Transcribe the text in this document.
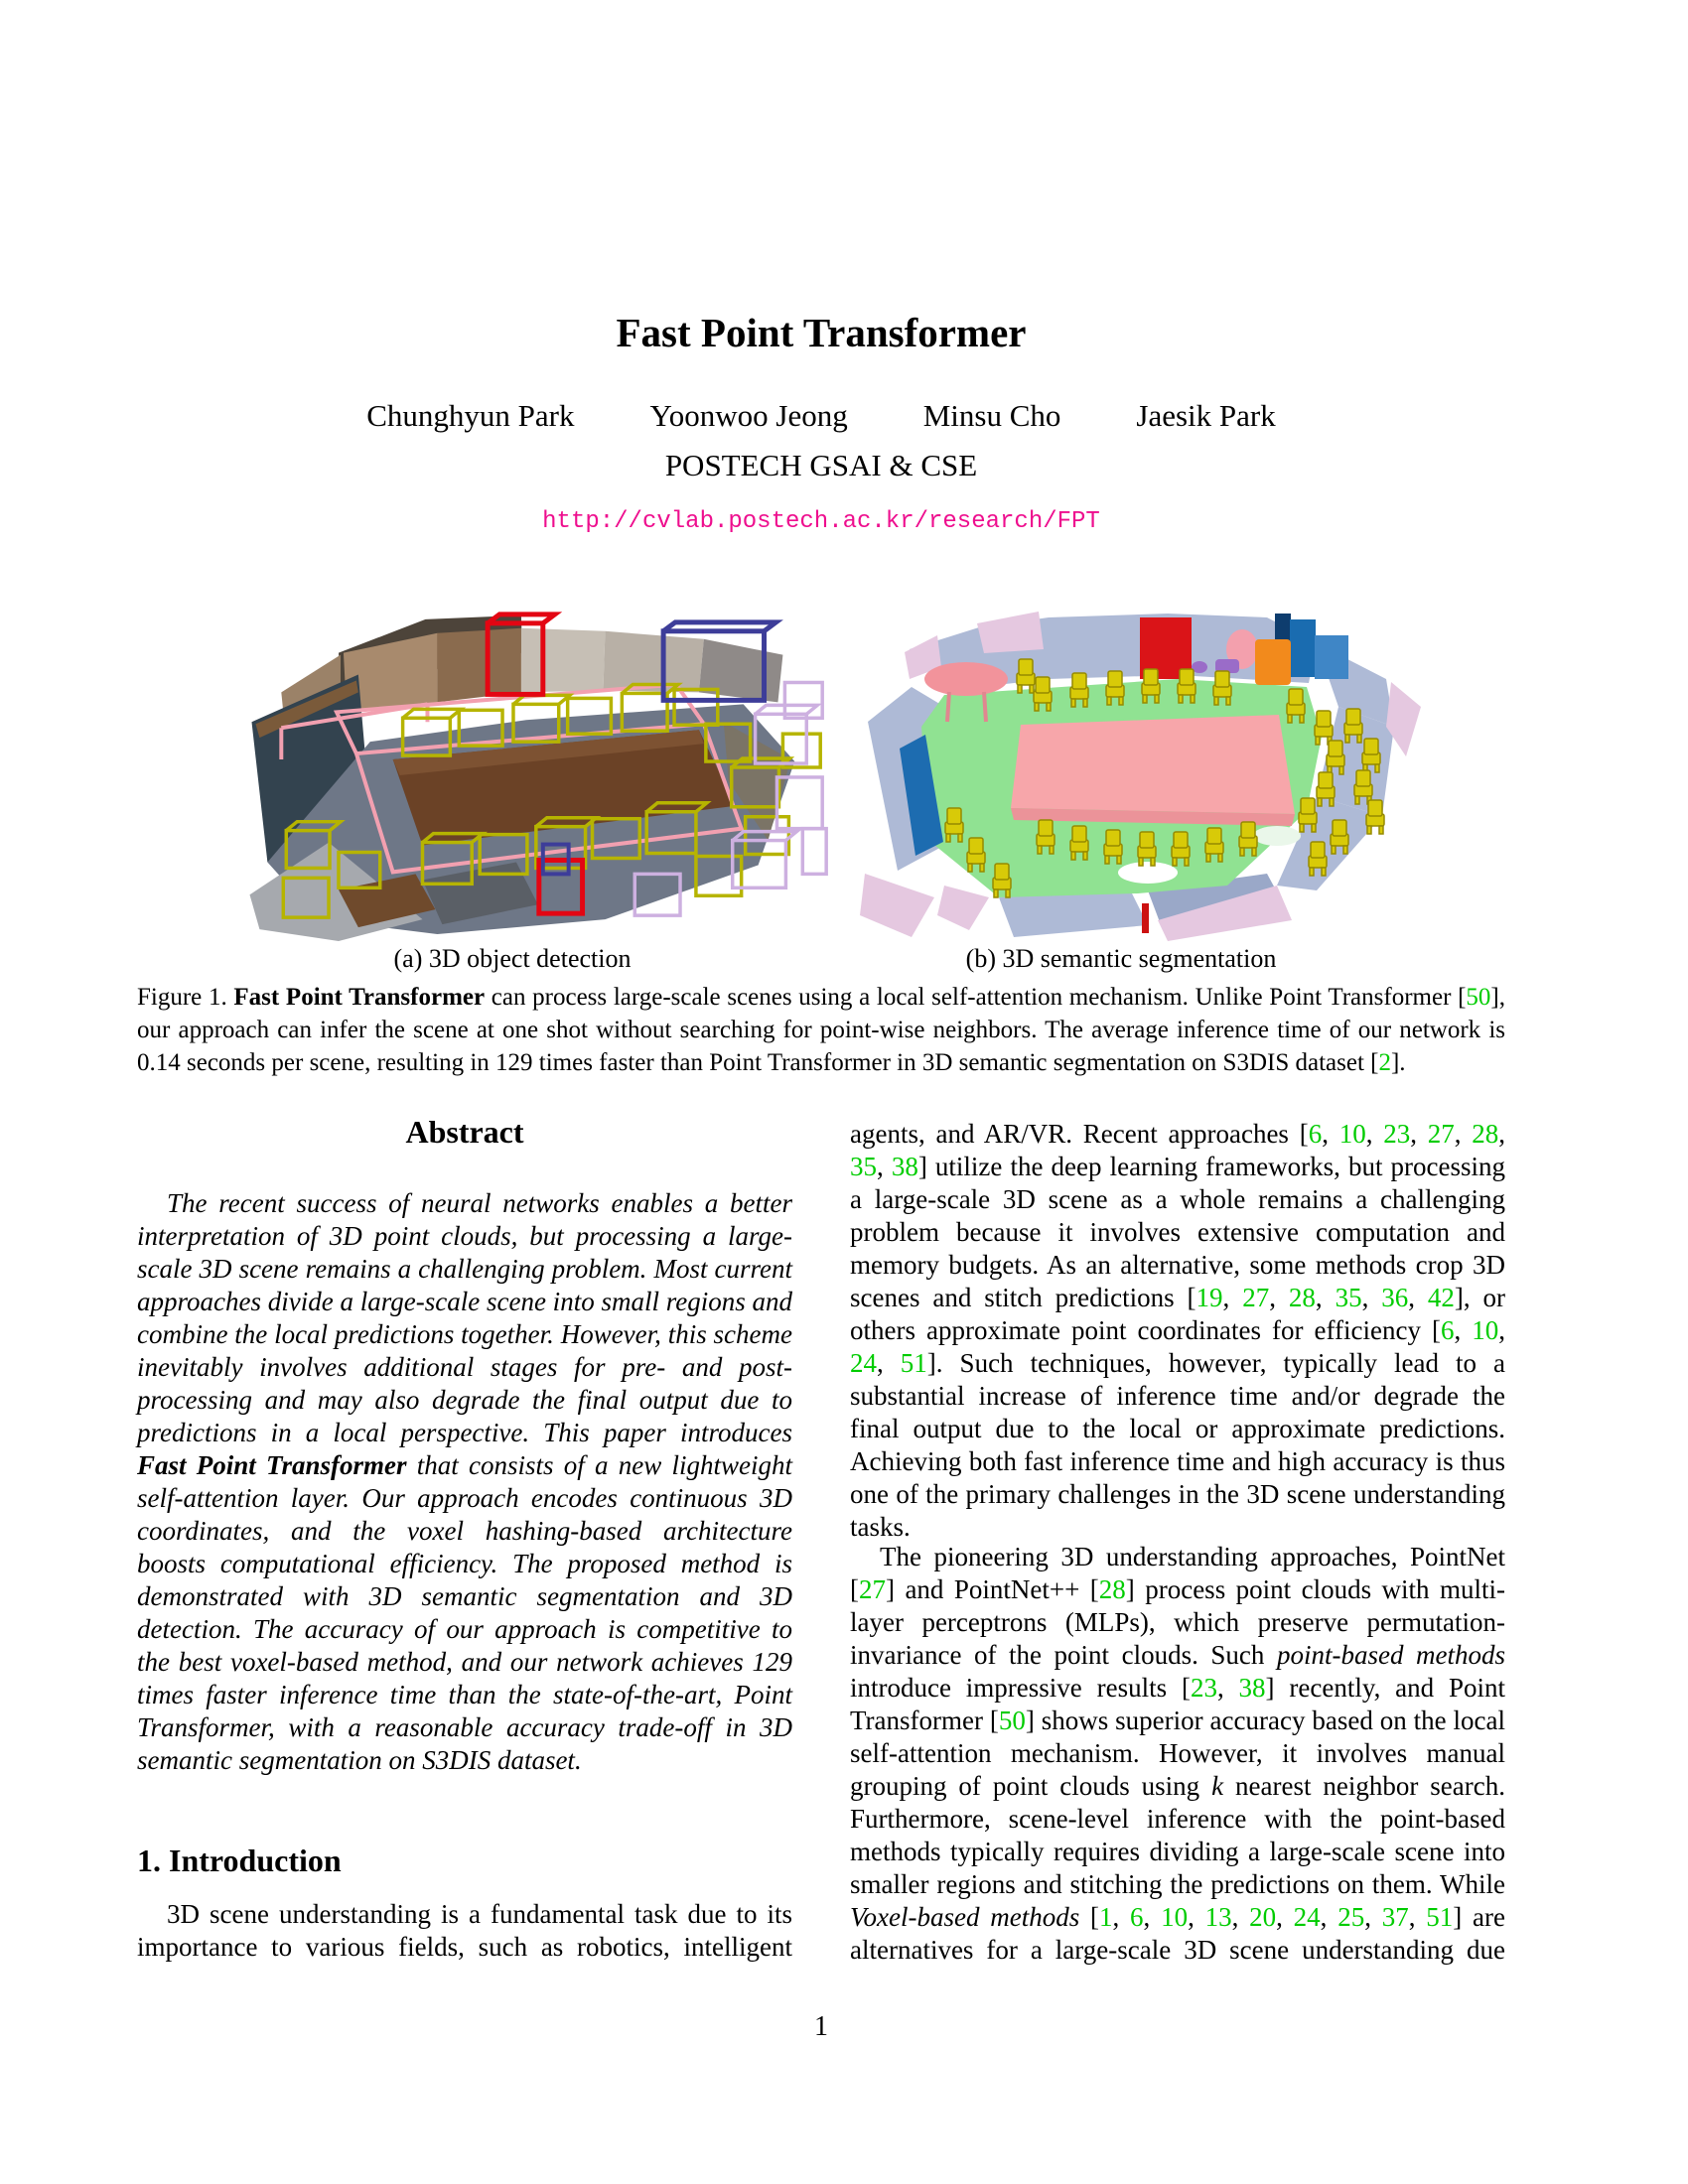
Fast Point Transformer
Chunghyun Park Yoonwoo Jeong Minsu Cho Jaesik Park
POSTECH GSAI & CSE
http://cvlab.postech.ac.kr/research/FPT
(a) 3D object detection	(b) 3D semantic segmentation
Figure 1. Fast Point Transformer can process large-scale scenes using a local self-attention mechanism. Unlike Point Transformer [50], our approach can infer the scene at one shot without searching for point-wise neighbors. The average inference time of our network is 0.14 seconds per scene, resulting in 129 times faster than Point Transformer in 3D semantic segmentation on S3DIS dataset [2].
Abstract

The recent success of neural networks enables a better interpretation of 3D point clouds, but processing a large-scale 3D scene remains a challenging problem. Most current approaches divide a large-scale scene into small regions and combine the local predictions together. However, this scheme inevitably involves additional stages for pre- and post-processing and may also degrade the final output due to predictions in a local perspective. This paper introduces Fast Point Transformer that consists of a new lightweight self-attention layer. Our approach encodes continuous 3D coordinates, and the voxel hashing-based architecture boosts computational efficiency. The proposed method is demonstrated with 3D semantic segmentation and 3D detection. The accuracy of our approach is competitive to the best voxel-based method, and our network achieves 129 times faster inference time than the state-of-the-art, Point Transformer, with a reasonable accuracy trade-off in 3D semantic segmentation on S3DIS dataset.

1. Introduction

3D scene understanding is a fundamental task due to its importance to various fields, such as robotics, intelligent

agents, and AR/VR. Recent approaches [6, 10, 23, 27, 28, 35, 38] utilize the deep learning frameworks, but processing a large-scale 3D scene as a whole remains a challenging problem because it involves extensive computation and memory budgets. As an alternative, some methods crop 3D scenes and stitch predictions [19, 27, 28, 35, 36, 42], or others approximate point coordinates for efficiency [6, 10, 24, 51]. Such techniques, however, typically lead to a substantial increase of inference time and/or degrade the final output due to the local or approximate predictions. Achieving both fast inference time and high accuracy is thus one of the primary challenges in the 3D scene understanding tasks.

The pioneering 3D understanding approaches, PointNet [27] and PointNet++ [28] process point clouds with multi-layer perceptrons (MLPs), which preserve permutation-invariance of the point clouds. Such point-based methods introduce impressive results [23, 38] recently, and Point Transformer [50] shows superior accuracy based on the local self-attention mechanism. However, it involves manual grouping of point clouds using k nearest neighbor search. Furthermore, scene-level inference with the point-based methods typically requires dividing a large-scale scene into smaller regions and stitching the predictions on them. While Voxel-based methods [1, 6, 10, 13, 20, 24, 25, 37, 51] are alternatives for a large-scale 3D scene understanding due

1
